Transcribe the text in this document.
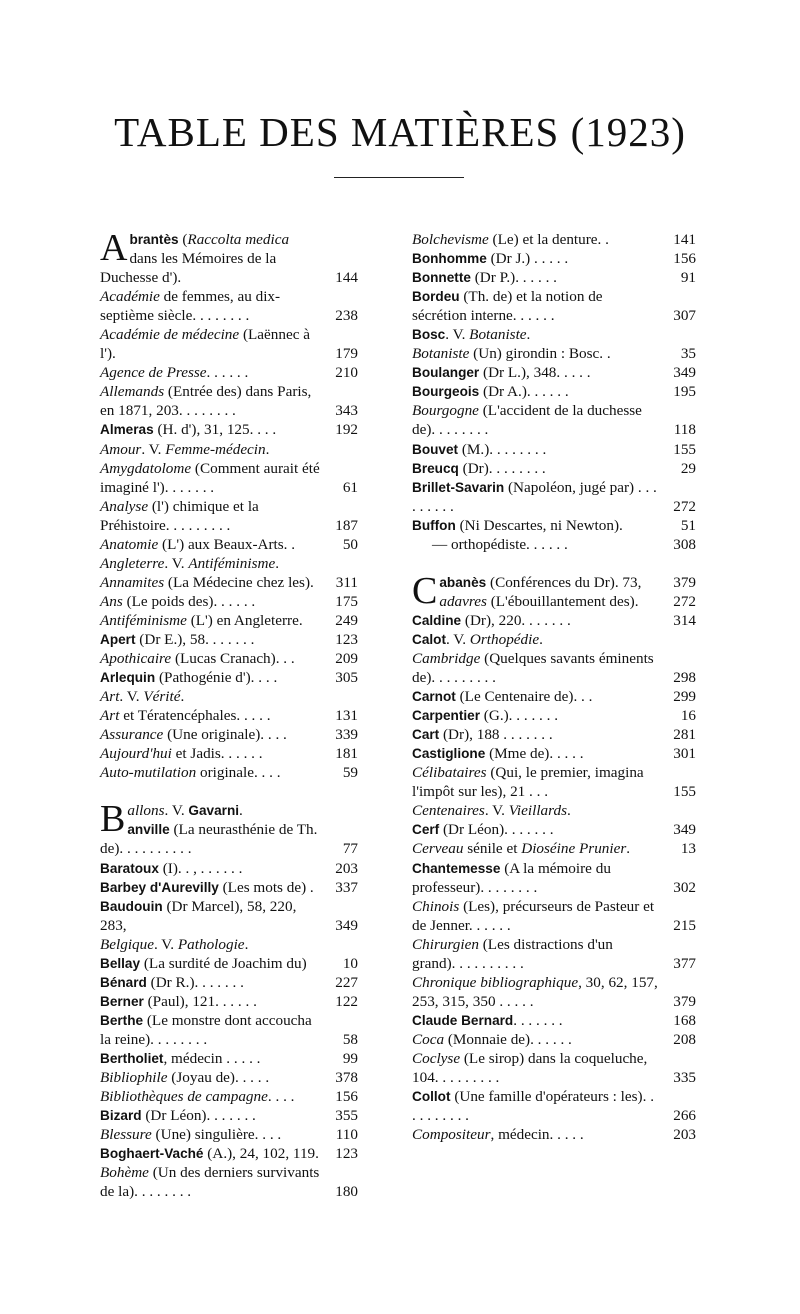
TABLE DES MATIÈRES (1923)
Abrantès (Raccolta medica dans les Mémoires de la Duchesse d').	144
Académie de femmes, au dix-septième siècle. . . . . . . .	238
Académie de médecine (Laënnec à l').	179
Agence de Presse. . . . . .	210
Allemands (Entrée des) dans Paris, en 1871, 203. . . . . . . .	343
Almeras (H. d'), 31, 125. . . .	192
Amour. V. Femme-médecin.
Amygdatolome (Comment aurait été imaginé l'). . . . . . .	61
Analyse (l') chimique et la Préhistoire. . . . . . . . .	187
Anatomie (L') aux Beaux-Arts. .	50
Angleterre. V. Antiféminisme.
Annamites (La Médecine chez les).	311
Ans (Le poids des). . . . . .	175
Antiféminisme (L') en Angleterre.	249
Apert (Dr E.), 58. . . . . . .	123
Apothicaire (Lucas Cranach). . .	209
Arlequin (Pathogénie d'). . . .	305
Art. V. Vérité.
Art et Tératencéphales. . . . .	131
Assurance (Une originale). . . .	339
Aujourd'hui et Jadis. . . . . .	181
Auto-mutilation originale. . . .	59
Ballons. V. Gavarni.
anville (La neurasthénie de Th. de). . . . . . . . . .	77
Baratoux (I). . , . . . . . .	203
Barbey d'Aurevilly (Les mots de) .	337
Baudouin (Dr Marcel), 58, 220, 283,	349
Belgique. V. Pathologie.
Bellay (La surdité de Joachim du)	10
Bénard (Dr R.). . . . . . .	227
Berner (Paul), 121. . . . . .	122
Berthe (Le monstre dont accoucha la reine). . . . . . . .	58
Bertholiet, médecin . . . . .	99
Bibliophile (Joyau de). . . . .	378
Bibliothèques de campagne. . . .	156
Bizard (Dr Léon). . . . . . .	355
Blessure (Une) singulière. . . .	110
Boghaert-Vaché (A.), 24, 102, 119.	123
Bohème (Un des derniers survivants de la). . . . . . . .	180
Bolchevisme (Le) et la denture. .	141
Bonhomme (Dr J.) . . . . .	156
Bonnette (Dr P.). . . . . .	91
Bordeu (Th. de) et la notion de sécrétion interne. . . . . .	307
Bosc. V. Botaniste.
Botaniste (Un) girondin : Bosc. .	35
Boulanger (Dr L.), 348. . . . .	349
Bourgeois (Dr A.). . . . . .	195
Bourgogne (L'accident de la duchesse de). . . . . . . .	118
Bouvet (M.). . . . . . . .	155
Breucq (Dr). . . . . . . .	29
Brillet-Savarin (Napoléon, jugé par) . . . . . . . . .	272
Buffon (Ni Descartes, ni Newton).	51
— orthopédiste. . . . . .	308
Cabanès (Conférences du Dr). 73,	379
adavres (L'ébouillantement des).	272
Caldine (Dr), 220. . . . . . .	314
Calot. V. Orthopédie.
Cambridge (Quelques savants éminents de). . . . . . . . .	298
Carnot (Le Centenaire de). . .	299
Carpentier (G.). . . . . . .	16
Cart (Dr), 188 . . . . . . .	281
Castiglione (Mme de). . . . .	301
Célibataires (Qui, le premier, imagina l'impôt sur les), 21 . . .	155
Centenaires. V. Vieillards.
Cerf (Dr Léon). . . . . . .	349
Cerveau sénile et Dioséine Prunier.	13
Chantemesse (A la mémoire du professeur). . . . . . . .	302
Chinois (Les), précurseurs de Pasteur et de Jenner. . . . . .	215
Chirurgien (Les distractions d'un grand). . . . . . . . . .	377
Chronique bibliographique, 30, 62, 157, 253, 315, 350 . . . . .	379
Claude Bernard. . . . . . .	168
Coca (Monnaie de). . . . . .	208
Coclyse (Le sirop) dans la coqueluche, 104. . . . . . . . .	335
Collot (Une famille d'opérateurs : les). . . . . . . . . .	266
Compositeur, médecin. . . . .	203
